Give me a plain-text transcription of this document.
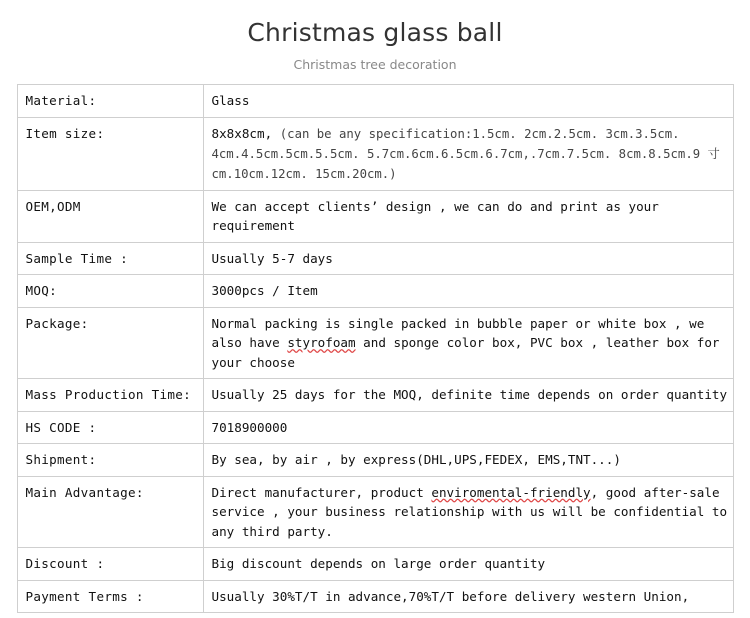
Christmas glass ball
Christmas tree decoration
Material:	Glass
Item size:	8x8x8cm, (can be any specification:1.5cm. 2cm.2.5cm. 3cm.3.5cm. 4cm.4.5cm.5cm.5.5cm. 5.7cm.6cm.6.5cm.6.7cm,.7cm.7.5cm. 8cm.8.5cm.9 寸cm.10cm.12cm. 15cm.20cm.)
OEM,ODM	We can accept clients’ design , we can do and print as your requirement
Sample Time :	Usually 5-7 days
MOQ:	3000pcs / Item
Package:	Normal packing is single packed in bubble paper or white box , we also have styrofoam and sponge color box, PVC box , leather box for your choose
Mass Production Time:	Usually 25 days for the MOQ, definite time depends on order quantity
HS CODE :	7018900000
Shipment:	By sea, by air , by express(DHL,UPS,FEDEX, EMS,TNT...)
Main Advantage:	Direct manufacturer, product enviromental-friendly, good after-sale service , your business relationship with us will be confidential to any third party.
Discount :	Big discount depends on large order quantity
Payment Terms :	Usually 30%T/T in advance,70%T/T before delivery western Union,
